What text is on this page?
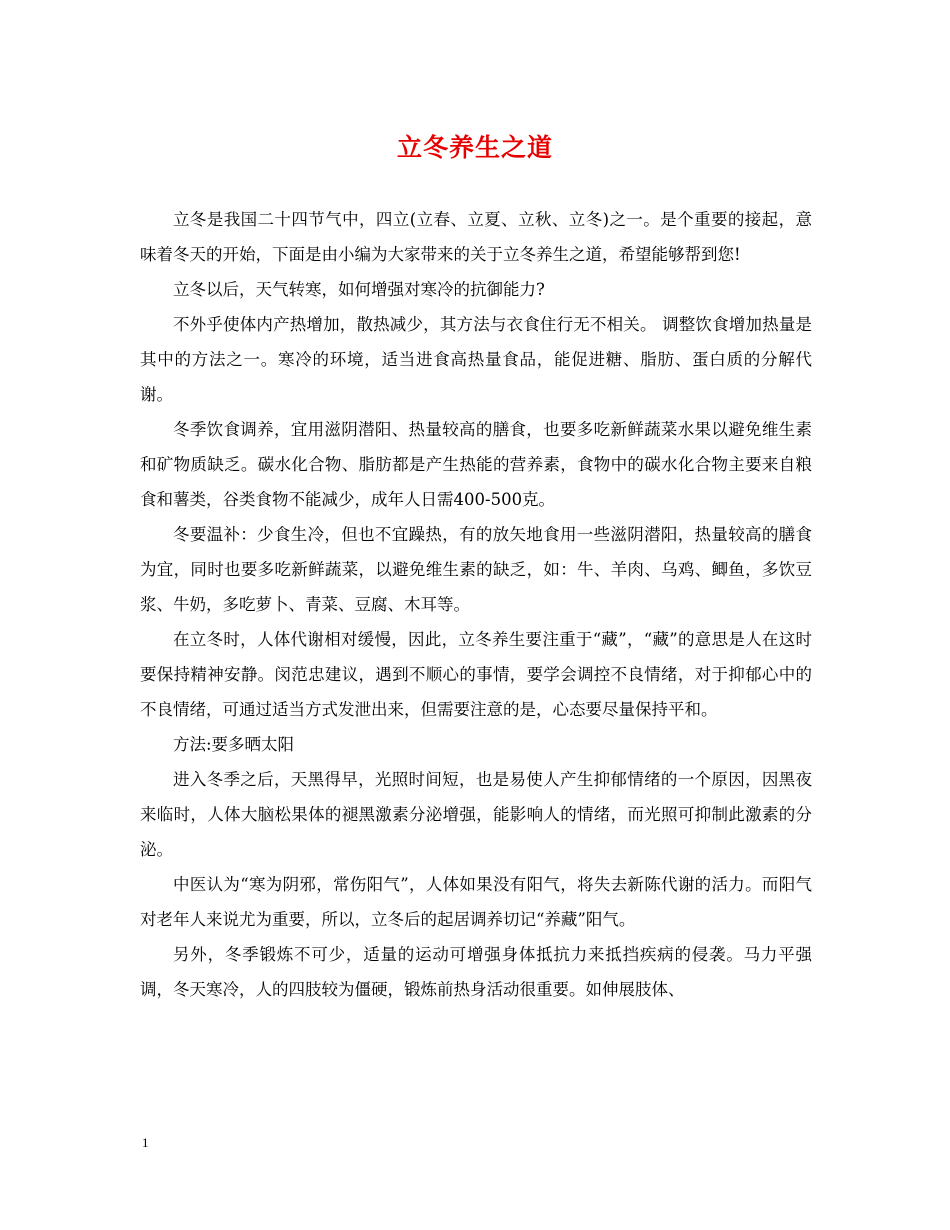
立冬养生之道

立冬是我国二十四节气中，四立(立春、立夏、立秋、立冬)之一。是个重要的接起，意味着冬天的开始，下面是由小编为大家带来的关于立冬养生之道，希望能够帮到您!

立冬以后，天气转寒，如何增强对寒冷的抗御能力?

不外乎使体内产热增加，散热减少，其方法与衣食住行无不相关。 调整饮食增加热量是其中的方法之一。寒冷的环境，适当进食高热量食品，能促进糖、脂肪、蛋白质的分解代谢。

冬季饮食调养，宜用滋阴潜阳、热量较高的膳食，也要多吃新鲜蔬菜水果以避免维生素和矿物质缺乏。碳水化合物、脂肪都是产生热能的营养素，食物中的碳水化合物主要来自粮食和薯类，谷类食物不能减少，成年人日需400-500克。

冬要温补：少食生冷，但也不宜躁热，有的放矢地食用一些滋阴潜阳，热量较高的膳食为宜，同时也要多吃新鲜蔬菜，以避免维生素的缺乏，如：牛、羊肉、乌鸡、鲫鱼，多饮豆浆、牛奶，多吃萝卜、青菜、豆腐、木耳等。

在立冬时，人体代谢相对缓慢，因此，立冬养生要注重于“藏”，“藏”的意思是人在这时要保持精神安静。闵范忠建议，遇到不顺心的事情，要学会调控不良情绪，对于抑郁心中的不良情绪，可通过适当方式发泄出来，但需要注意的是，心态要尽量保持平和。

方法:要多晒太阳

进入冬季之后，天黑得早，光照时间短，也是易使人产生抑郁情绪的一个原因，因黑夜来临时，人体大脑松果体的褪黑激素分泌增强，能影响人的情绪，而光照可抑制此激素的分泌。

中医认为“寒为阴邪，常伤阳气”，人体如果没有阳气，将失去新陈代谢的活力。而阳气对老年人来说尤为重要，所以，立冬后的起居调养切记“养藏”阳气。

另外，冬季锻炼不可少，适量的运动可增强身体抵抗力来抵挡疾病的侵袭。马力平强调，冬天寒冷，人的四肢较为僵硬，锻炼前热身活动很重要。如伸展肢体、

1
